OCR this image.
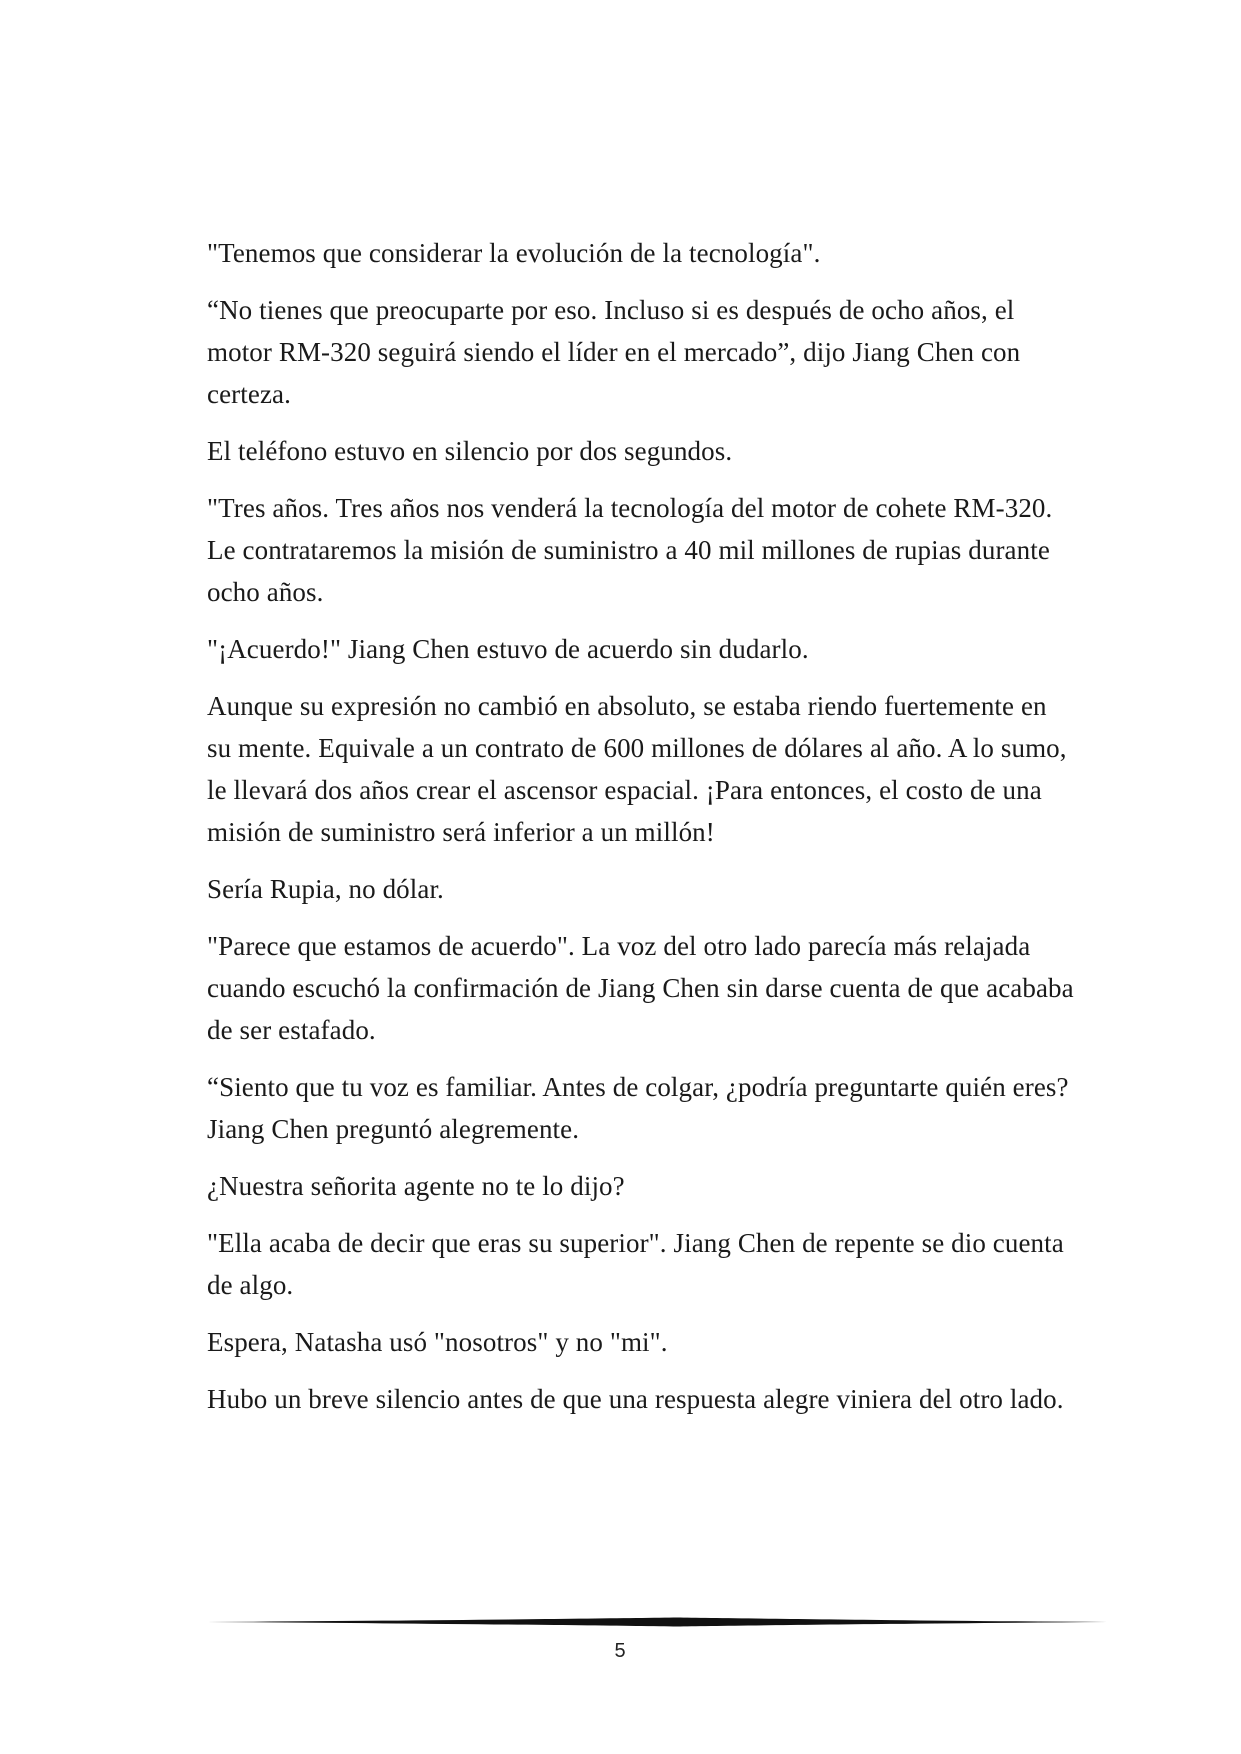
"Tenemos que considerar la evolución de la tecnología".

“No tienes que preocuparte por eso. Incluso si es después de ocho años, el motor RM-320 seguirá siendo el líder en el mercado”, dijo Jiang Chen con certeza.

El teléfono estuvo en silencio por dos segundos.

"Tres años. Tres años nos venderá la tecnología del motor de cohete RM-320. Le contrataremos la misión de suministro a 40 mil millones de rupias durante ocho años.

"¡Acuerdo!" Jiang Chen estuvo de acuerdo sin dudarlo.

Aunque su expresión no cambió en absoluto, se estaba riendo fuertemente en su mente. Equivale a un contrato de 600 millones de dólares al año. A lo sumo, le llevará dos años crear el ascensor espacial. ¡Para entonces, el costo de una misión de suministro será inferior a un millón!

Sería Rupia, no dólar.

"Parece que estamos de acuerdo". La voz del otro lado parecía más relajada cuando escuchó la confirmación de Jiang Chen sin darse cuenta de que acababa de ser estafado.

“Siento que tu voz es familiar. Antes de colgar, ¿podría preguntarte quién eres? Jiang Chen preguntó alegremente.

¿Nuestra señorita agente no te lo dijo?

"Ella acaba de decir que eras su superior". Jiang Chen de repente se dio cuenta de algo.

Espera, Natasha usó "nosotros" y no "mi".

Hubo un breve silencio antes de que una respuesta alegre viniera del otro lado.

5
